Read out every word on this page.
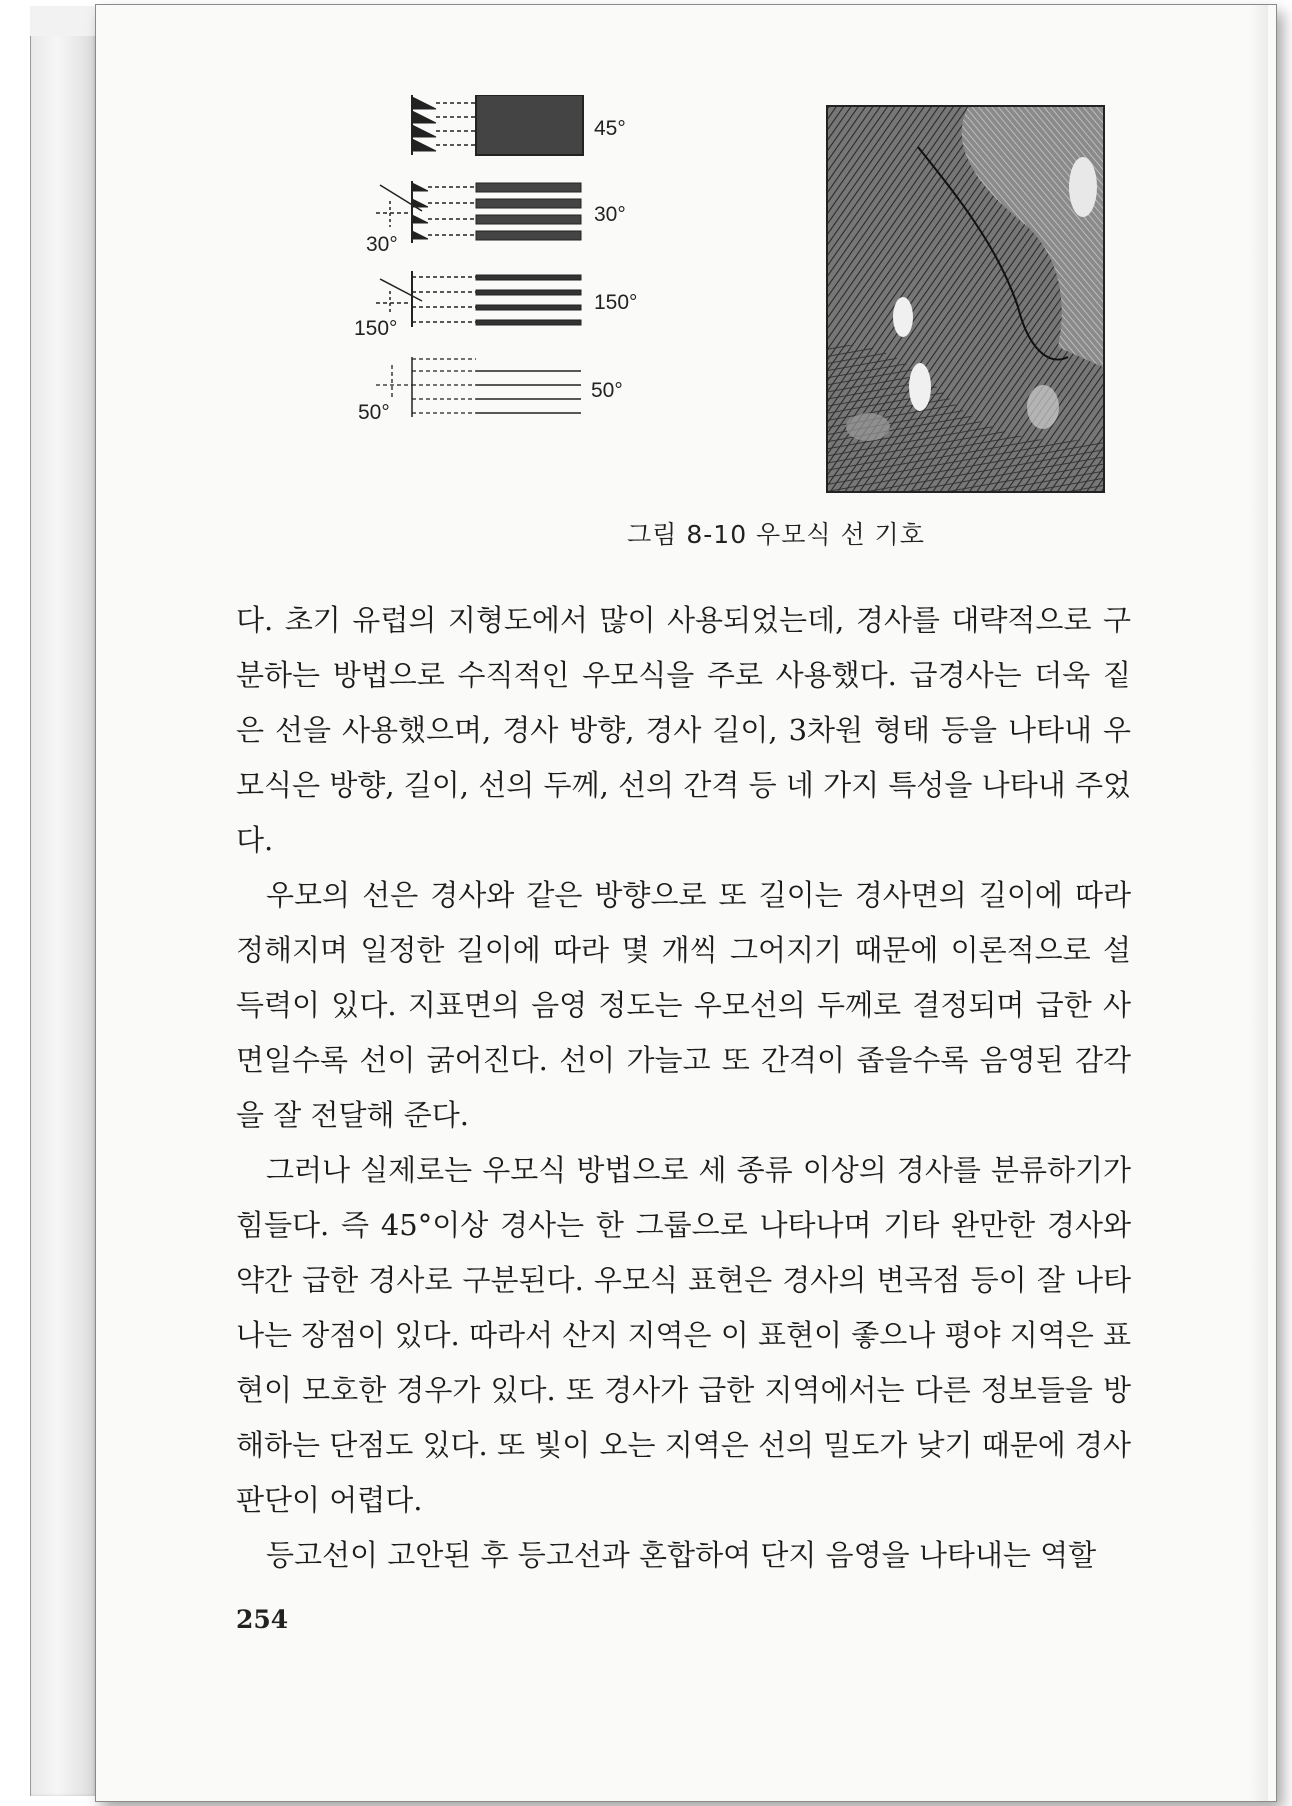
45°
30°
30°
150°
150°
50°
50°
그림 8-10 우모식 선 기호

다. 초기 유럽의 지형도에서 많이 사용되었는데, 경사를 대략적으로 구분하는 방법으로 수직적인 우모식을 주로 사용했다. 급경사는 더욱 짙은 선을 사용했으며, 경사 방향, 경사 길이, 3차원 형태 등을 나타내 우모식은 방향, 길이, 선의 두께, 선의 간격 등 네 가지 특성을 나타내 주었다.

우모의 선은 경사와 같은 방향으로 또 길이는 경사면의 길이에 따라 정해지며 일정한 길이에 따라 몇 개씩 그어지기 때문에 이론적으로 설득력이 있다. 지표면의 음영 정도는 우모선의 두께로 결정되며 급한 사면일수록 선이 굵어진다. 선이 가늘고 또 간격이 좁을수록 음영된 감각을 잘 전달해 준다.

그러나 실제로는 우모식 방법으로 세 종류 이상의 경사를 분류하기가 힘들다. 즉 45°이상 경사는 한 그룹으로 나타나며 기타 완만한 경사와 약간 급한 경사로 구분된다. 우모식 표현은 경사의 변곡점 등이 잘 나타나는 장점이 있다. 따라서 산지 지역은 이 표현이 좋으나 평야 지역은 표현이 모호한 경우가 있다. 또 경사가 급한 지역에서는 다른 정보들을 방해하는 단점도 있다. 또 빛이 오는 지역은 선의 밀도가 낮기 때문에 경사 판단이 어렵다.

등고선이 고안된 후 등고선과 혼합하여 단지 음영을 나타내는 역할

254
